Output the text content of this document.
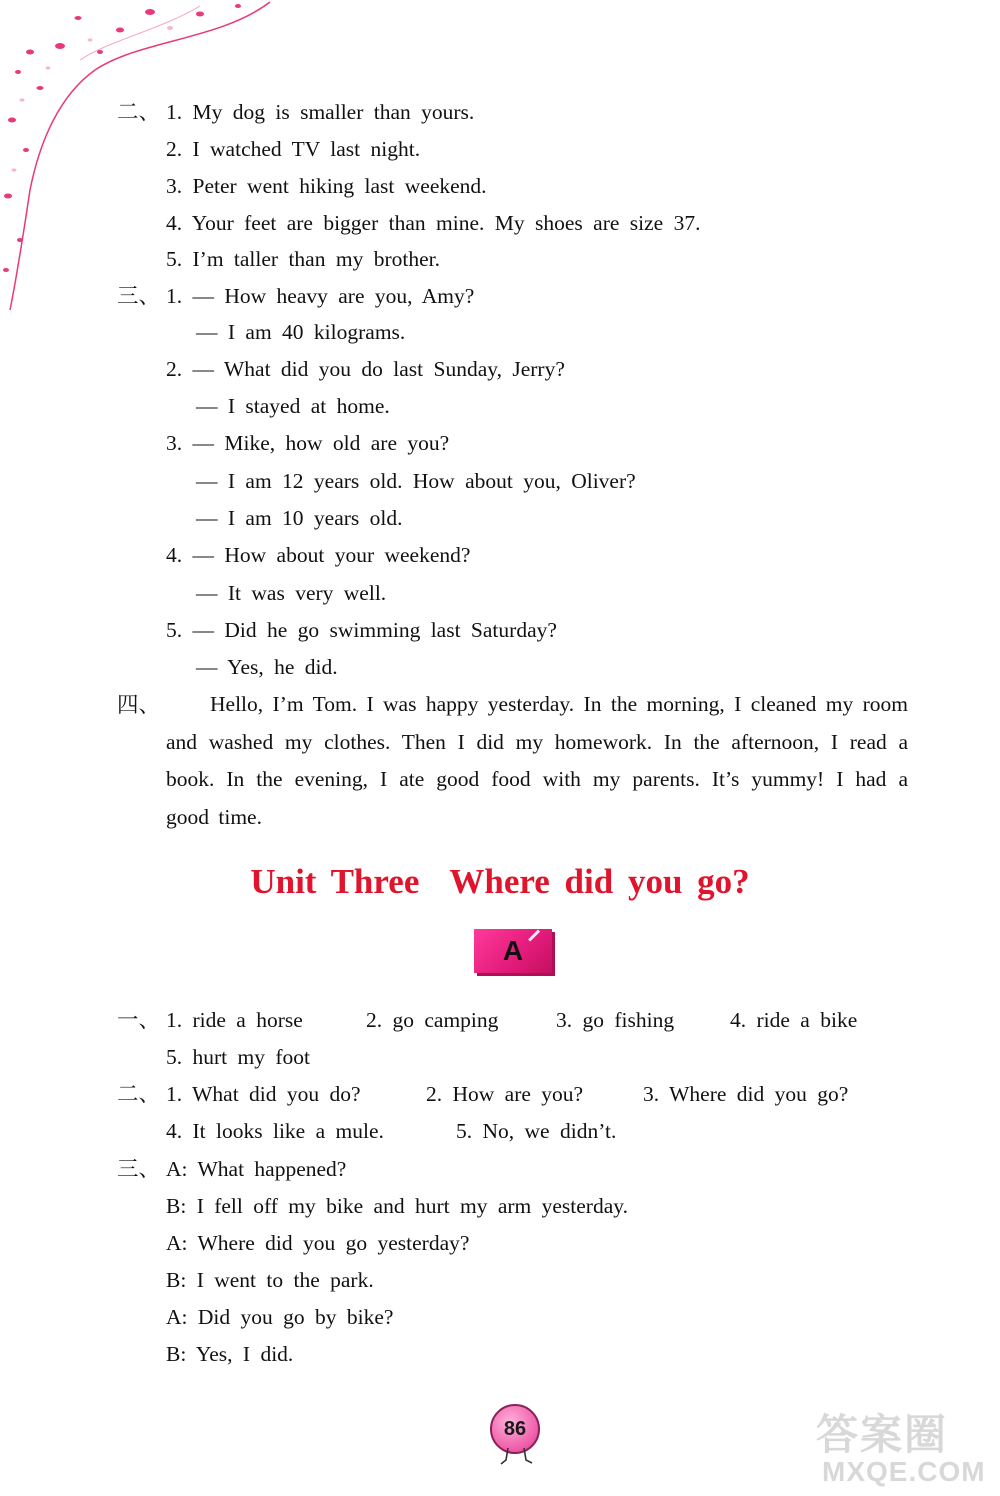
二、 1. My dog is smaller than yours.
2. I watched TV last night.
3. Peter went hiking last weekend.
4. Your feet are bigger than mine. My shoes are size 37.
5. I’m taller than my brother.
三、 1. — How heavy are you, Amy?
— I am 40 kilograms.
2. — What did you do last Sunday, Jerry?
— I stayed at home.
3. — Mike, how old are you?
— I am 12 years old. How about you, Oliver?
— I am 10 years old.
4. — How about your weekend?
— It was very well.
5. — Did he go swimming last Saturday?
— Yes, he did.
四、	Hello, I’m Tom. I was happy yesterday. In the morning, I cleaned my room and washed my clothes. Then I did my homework. In the afternoon, I read a book. In the evening, I ate good food with my parents. It’s yummy! I had a good time.
Unit Three Where did you go?
A
一、 1. ride a horse	2. go camping	3. go fishing	4. ride a bike
5. hurt my foot
二、 1. What did you do?	2. How are you?	3. Where did you go?
4. It looks like a mule.	5. No, we didn’t.
三、 A: What happened?
B: I fell off my bike and hurt my arm yesterday.
A: Where did you go yesterday?
B: I went to the park.
A: Did you go by bike?
B: Yes, I did.
86	答案圈
MXQE.COM
